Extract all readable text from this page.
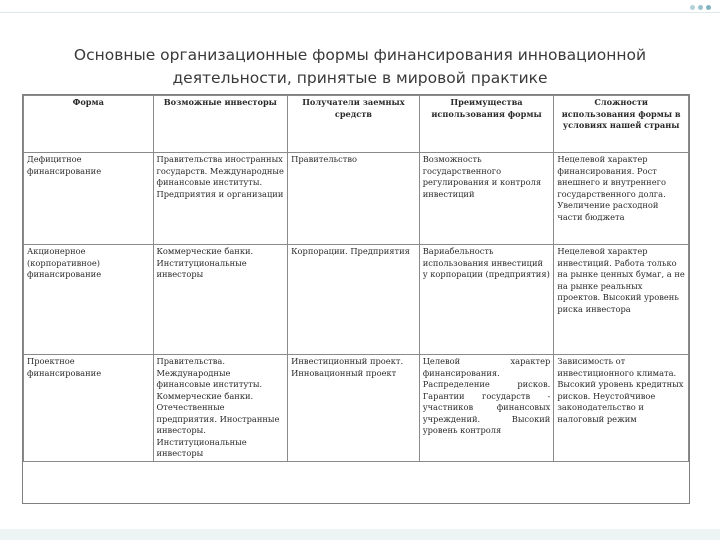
Основные организационные формы финансирования инновационной деятельности, принятые в мировой практике
Форма	Возможные инвесторы	Получатели заемных средств	Преимущества использования формы	Сложности использования формы в условиях нашей страны
Дефицитное финансирование	Правительства иностранных государств. Международные финансовые институты. Предприятия и организации	Правительство	Возможность государственного регулирования и контроля инвестиций	Нецелевой характер финансирования. Рост внешнего и внутреннего государственного долга. Увеличение расходной части бюджета
Акционерное (корпоративное) финансирование	Коммерческие банки. Институциональные инвесторы	Корпорации. Предприятия	Вариабельность использования инвестиций у корпорации (предприятия)	Нецелевой характер инвестиций. Работа только на рынке ценных бумаг, а не на рынке реальных проектов. Высокий уровень риска инвестора
Проектное финансирование	Правительства. Международные финансовые институты. Коммерческие банки. Отечественные предприятия. Иностранные инвесторы. Институциональные инвесторы	Инвестиционный проект. Инновационный проект	Целевой характер финансирования. Распределение рисков. Гарантии государств - участников финансовых учреждений. Высокий уровень контроля	Зависимость от инвестиционного климата. Высокий уровень кредитных рисков. Неустойчивое законодательство и налоговый режим
